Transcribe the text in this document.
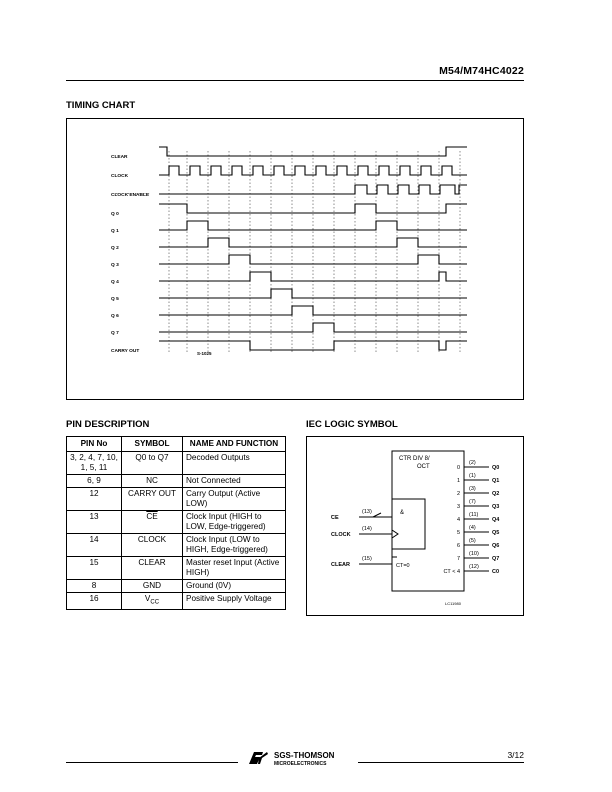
M54/M74HC4022
TIMING CHART
CLEAR
CLOCK
CLOCK ENABLE
Q 0
Q 1
Q 2
Q 3
Q 4
Q 5
Q 6
Q 7
CARRY OUT	S-1025
PIN DESCRIPTION
PIN No	SYMBOL	NAME AND FUNCTION
3, 2, 4, 7, 10, 1, 5, 11	Q0 to Q7	Decoded Outputs
6, 9	NC	Not Connected
12	CARRY OUT	Carry Output (Active LOW)
13	$\overline{CE}$	Clock Input (HIGH to LOW, Edge-triggered)
14	CLOCK	Clock Input (LOW to HIGH, Edge-triggered)
15	CLEAR	Master reset Input (Active HIGH)
8	GND	Ground (0V)
16	$V_{CC}$	Positive Supply Voltage
IEC LOGIC SYMBOL
CTR DIV 8/
OCT
CE
(13)	&
CLOCK
(14)
CLEAR
(15)
CT=0
0
(2)
Q0
1
(1)
Q1
2
(3)
Q2
3
(7)
Q3
4
(11)
Q4
5
(4)
Q5
6
(5)
Q6
7
(10)
Q7
CT < 4
(12)
C0
LC11980
SGS-THOMSON
MICROELECTRONICS
3/12
